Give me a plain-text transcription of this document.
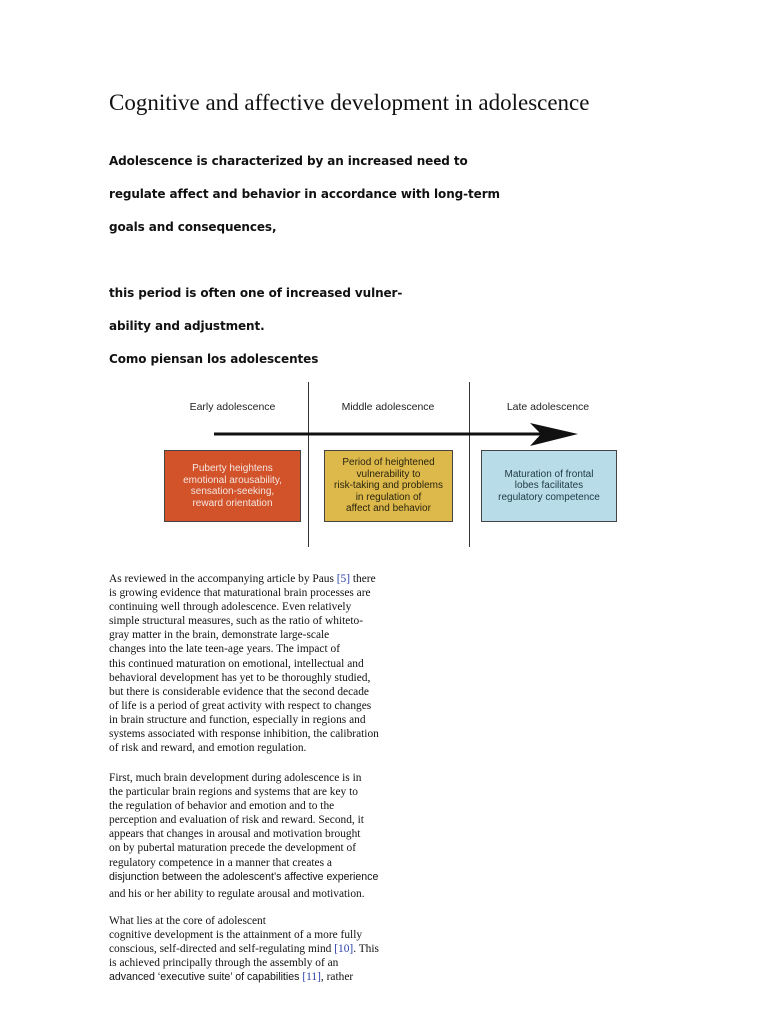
Cognitive and affective development in adolescence

Adolescence is characterized by an increased need to

regulate affect and behavior in accordance with long-term

goals and consequences,

this period is often one of increased vulner-

ability and adjustment.

Como piensan los adolescentes

Early adolescence	Middle adolescence	Late adolescence
Puberty heightens
emotional arousability,
sensation-seeking,
reward orientation
Period of heightened
vulnerability to
risk-taking and problems
in regulation of
affect and behavior
Maturation of frontal
lobes facilitates
regulatory competence
As reviewed in the accompanying article by Paus [5] there
is growing evidence that maturational brain processes are
continuing well through adolescence. Even relatively
simple structural measures, such as the ratio of whiteto-
gray matter in the brain, demonstrate large-scale
changes into the late teen-age years. The impact of
this continued maturation on emotional, intellectual and
behavioral development has yet to be thoroughly studied,
but there is considerable evidence that the second decade
of life is a period of great activity with respect to changes
in brain structure and function, especially in regions and
systems associated with response inhibition, the calibration
of risk and reward, and emotion regulation.
First, much brain development during adolescence is in
the particular brain regions and systems that are key to
the regulation of behavior and emotion and to the
perception and evaluation of risk and reward. Second, it
appears that changes in arousal and motivation brought
on by pubertal maturation precede the development of
regulatory competence in a manner that creates a
disjunction between the adolescent’s affective experience
and his or her ability to regulate arousal and motivation.
What lies at the core of adolescent
cognitive development is the attainment of a more fully
conscious, self-directed and self-regulating mind [10]. This
is achieved principally through the assembly of an
advanced ‘executive suite’ of capabilities [11], rather
